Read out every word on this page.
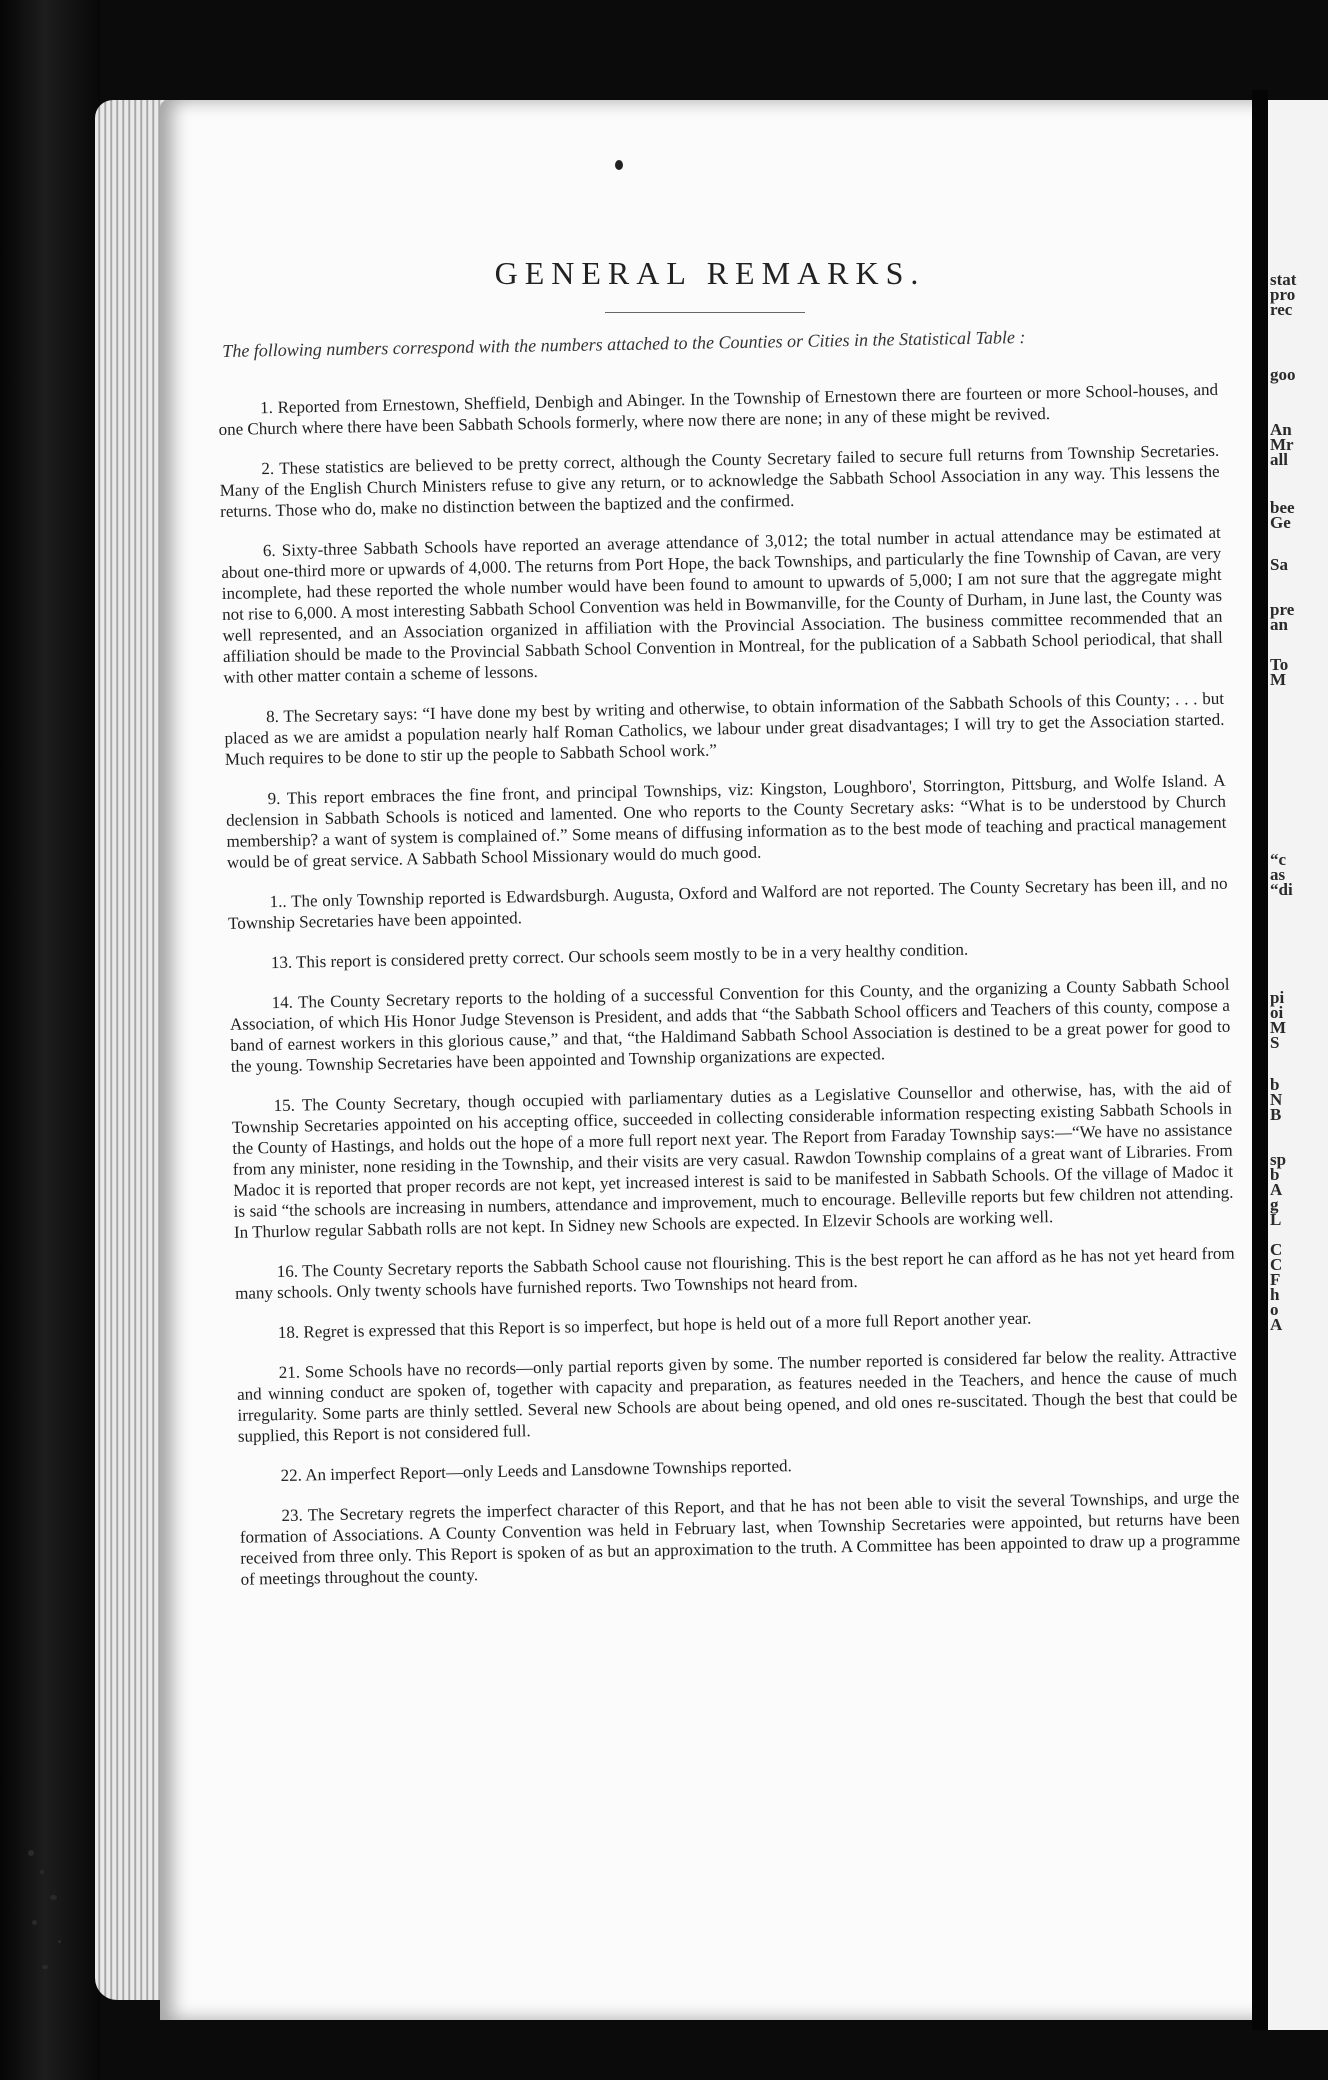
GENERAL REMARKS.
The following numbers correspond with the numbers attached to the Counties or Cities in the Statistical Table :

1. Reported from Ernestown, Sheffield, Denbigh and Abinger. In the Township of Ernestown there are fourteen or more School-houses, and one Church where there have been Sabbath Schools formerly, where now there are none; in any of these might be revived.

2. These statistics are believed to be pretty correct, although the County Secretary failed to secure full returns from Township Secretaries. Many of the English Church Ministers refuse to give any return, or to acknowledge the Sabbath School Association in any way. This lessens the returns. Those who do, make no distinction between the baptized and the confirmed.

6. Sixty-three Sabbath Schools have reported an average attendance of 3,012; the total number in actual attendance may be estimated at about one-third more or upwards of 4,000. The returns from Port Hope, the back Townships, and particularly the fine Township of Cavan, are very incomplete, had these reported the whole number would have been found to amount to upwards of 5,000; I am not sure that the aggregate might not rise to 6,000. A most interesting Sabbath School Convention was held in Bowmanville, for the County of Durham, in June last, the County was well represented, and an Association organized in affiliation with the Provincial Association. The business committee recommended that an affiliation should be made to the Provincial Sabbath School Convention in Montreal, for the publication of a Sabbath School periodical, that shall with other matter contain a scheme of lessons.

8. The Secretary says: “I have done my best by writing and otherwise, to obtain information of the Sabbath Schools of this County; . . . but placed as we are amidst a population nearly half Roman Catholics, we labour under great disadvantages; I will try to get the Association started. Much requires to be done to stir up the people to Sabbath School work.”

9. This report embraces the fine front, and principal Townships, viz: Kingston, Loughboro', Storrington, Pittsburg, and Wolfe Island. A declension in Sabbath Schools is noticed and lamented. One who reports to the County Secretary asks: “What is to be understood by Church membership? a want of system is complained of.” Some means of diffusing information as to the best mode of teaching and practical management would be of great service. A Sabbath School Missionary would do much good.

1.. The only Township reported is Edwardsburgh. Augusta, Oxford and Walford are not reported. The County Secretary has been ill, and no Township Secretaries have been appointed.

13. This report is considered pretty correct. Our schools seem mostly to be in a very healthy condition.

14. The County Secretary reports to the holding of a successful Convention for this County, and the organizing a County Sabbath School Association, of which His Honor Judge Stevenson is President, and adds that “the Sabbath School officers and Teachers of this county, compose a band of earnest workers in this glorious cause,” and that, “the Haldimand Sabbath School Association is destined to be a great power for good to the young. Township Secretaries have been appointed and Township organizations are expected.

15. The County Secretary, though occupied with parliamentary duties as a Legislative Counsellor and otherwise, has, with the aid of Township Secretaries appointed on his accepting office, succeeded in collecting considerable information respecting existing Sabbath Schools in the County of Hastings, and holds out the hope of a more full report next year. The Report from Faraday Township says:—“We have no assistance from any minister, none residing in the Township, and their visits are very casual. Rawdon Township complains of a great want of Libraries. From Madoc it is reported that proper records are not kept, yet increased interest is said to be manifested in Sabbath Schools. Of the village of Madoc it is said “the schools are increasing in numbers, attendance and improvement, much to encourage. Belleville reports but few children not attending. In Thurlow regular Sabbath rolls are not kept. In Sidney new Schools are expected. In Elzevir Schools are working well.

16. The County Secretary reports the Sabbath School cause not flourishing. This is the best report he can afford as he has not yet heard from many schools. Only twenty schools have furnished reports. Two Townships not heard from.

18. Regret is expressed that this Report is so imperfect, but hope is held out of a more full Report another year.

21. Some Schools have no records—only partial reports given by some. The number reported is considered far below the reality. Attractive and winning conduct are spoken of, together with capacity and preparation, as features needed in the Teachers, and hence the cause of much irregularity. Some parts are thinly settled. Several new Schools are about being opened, and old ones re-suscitated. Though the best that could be supplied, this Report is not considered full.

22. An imperfect Report—only Leeds and Lansdowne Townships reported.

23. The Secretary regrets the imperfect character of this Report, and that he has not been able to visit the several Townships, and urge the formation of Associations. A County Convention was held in February last, when Township Secretaries were appointed, but returns have been received from three only. This Report is spoken of as but an approximation to the truth. A Committee has been appointed to draw up a programme of meetings throughout the county.

stat
pro
rec
goo
An
Mr
all
bee
Ge
Sa
pre
an
To
M
“c
as
“di
pi
oi
M
S
b
N
B
sp
b
A
g
L
C
C
F
h
o
A
